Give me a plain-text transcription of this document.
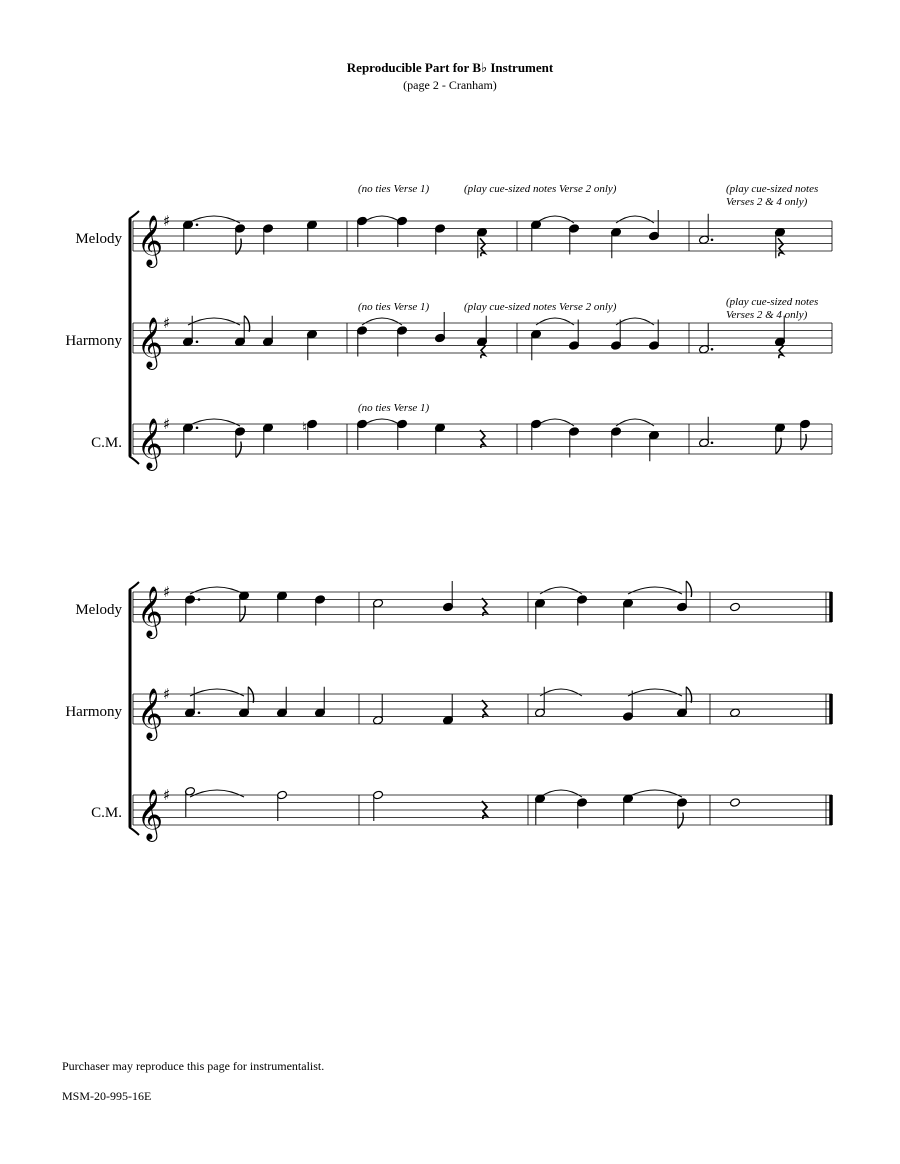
Reproducible Part for B♭ Instrument
(page 2 - Cranham)
Melody
Harmony
C.M.
Melody
Harmony
C.M.
(no ties Verse 1)	(play cue-sized notes Verse 2 only)	(play cue-sized notes
Verses 2 & 4 only)
(no ties Verse 1)	(play cue-sized notes Verse 2 only)	(play cue-sized notes
Verses 2 & 4 only)
(no ties Verse 1)
𝄞 ♯
𝄞 ♯
𝄞 ♯
𝄞 ♯
𝄞 ♯
𝄞 ♯
♮
Purchaser may reproduce this page for instrumentalist.
MSM-20-995-16E
